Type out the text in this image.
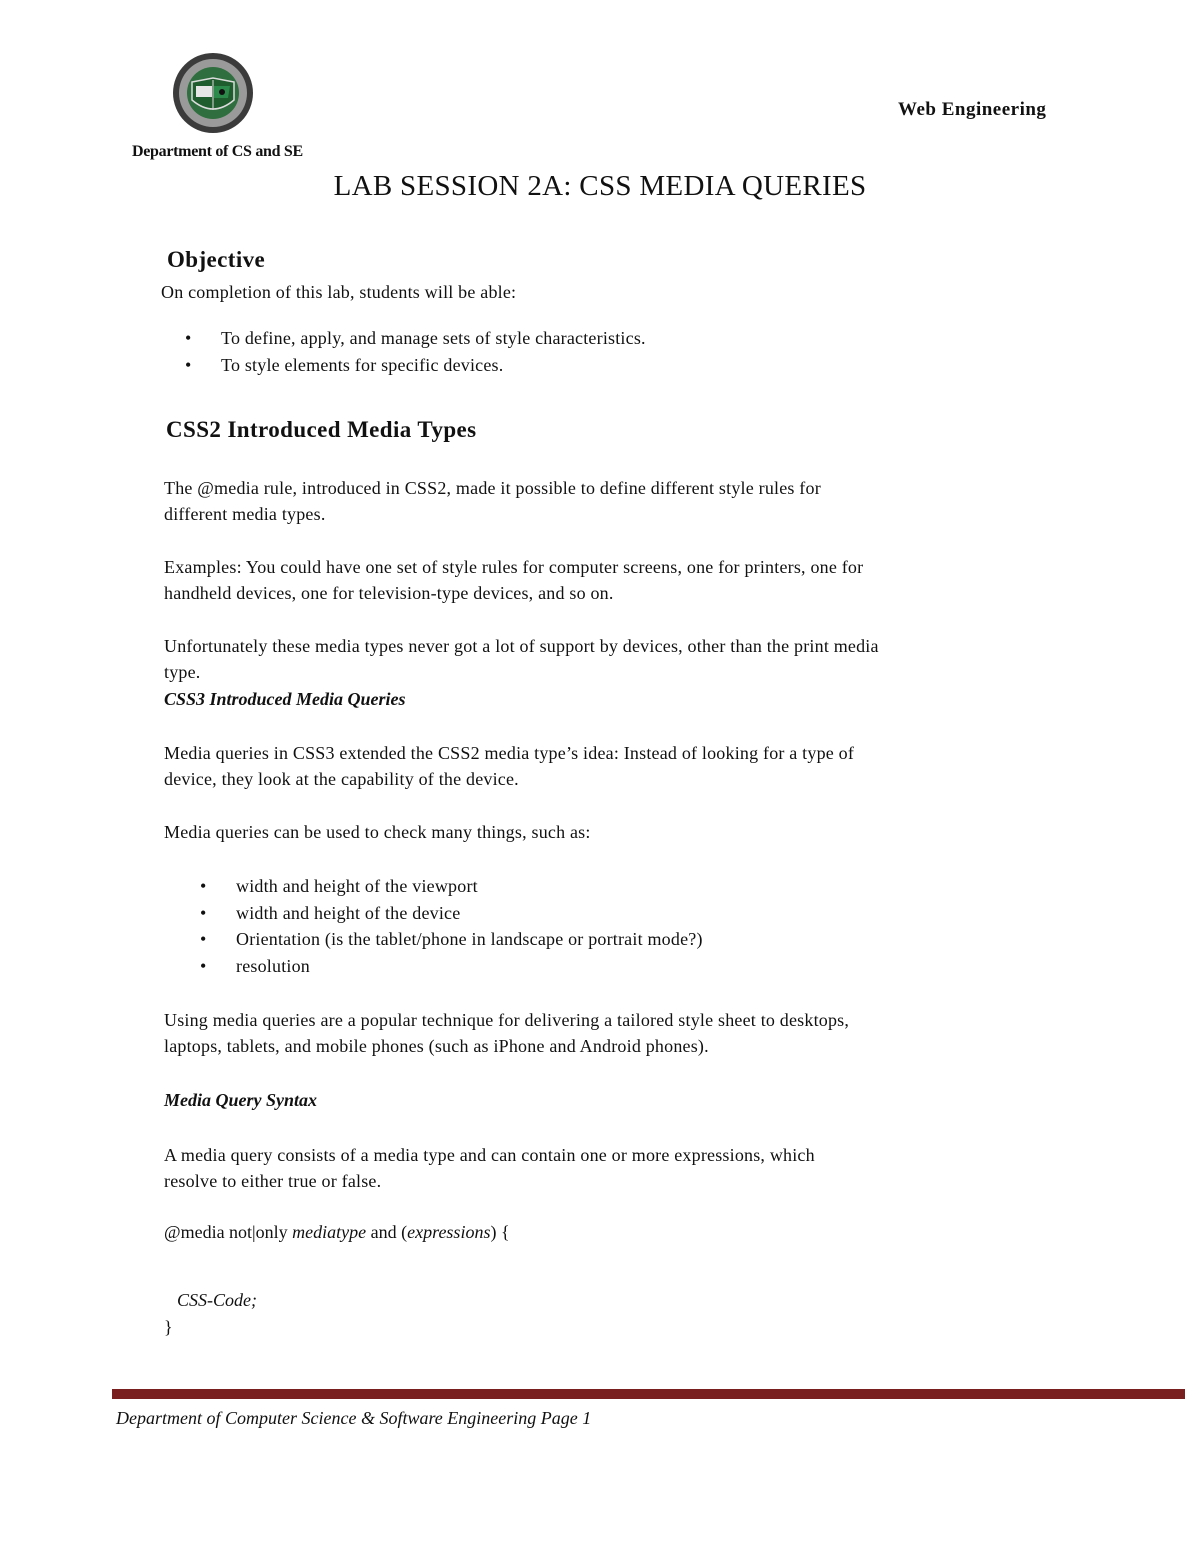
Web Engineering
Department of CS and SE
LAB SESSION 2A: CSS MEDIA QUERIES
Objective
On completion of this lab, students will be able:
• To define, apply, and manage sets of style characteristics.
• To style elements for specific devices.
CSS2 Introduced Media Types
The @media rule, introduced in CSS2, made it possible to define different style rules for
different media types.
Examples: You could have one set of style rules for computer screens, one for printers, one for
handheld devices, one for television-type devices, and so on.
Unfortunately these media types never got a lot of support by devices, other than the print media
type.
CSS3 Introduced Media Queries
Media queries in CSS3 extended the CSS2 media type’s idea: Instead of looking for a type of
device, they look at the capability of the device.
Media queries can be used to check many things, such as:
• width and height of the viewport
• width and height of the device
• Orientation (is the tablet/phone in landscape or portrait mode?)
• resolution
Using media queries are a popular technique for delivering a tailored style sheet to desktops,
laptops, tablets, and mobile phones (such as iPhone and Android phones).
Media Query Syntax
A media query consists of a media type and can contain one or more expressions, which
resolve to either true or false.
@media not|only mediatype and (expressions) {
CSS-Code;
}
Department of Computer Science & Software Engineering Page 1
